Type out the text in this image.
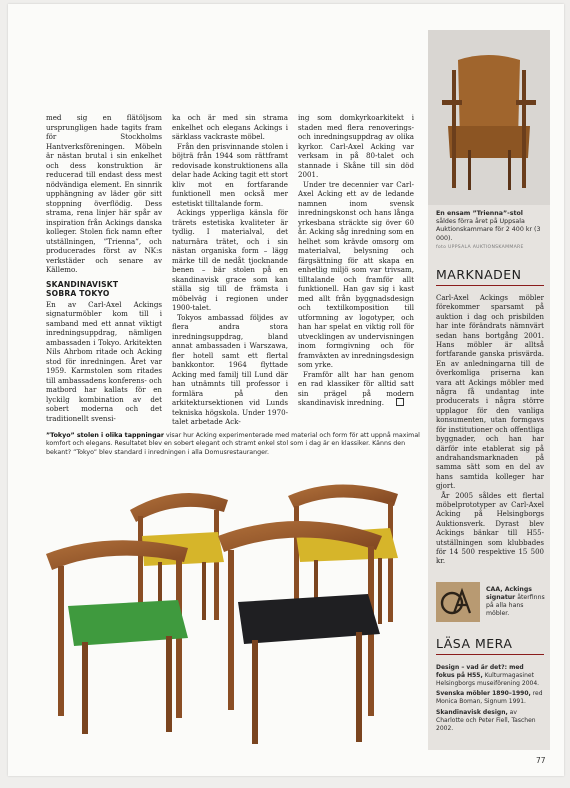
med sig en flätöljsom ursprungligen hade tagits fram för Stockholms Hantverksföreningen. Möbeln är nästan brutal i sin enkelhet och dess konstruktion är reducerad till endast dess mest nödvändiga element. En sinnrik upphängning av läder gör sitt stoppning överflödig. Dess strama, rena linjer här spår av inspiration från Ackings danska kolleger. Stolen fick namn efter utställningen, ”Trienna”, och producerades först av NK:s verkstäder och senare av Källemo.

SKANDINAVISKT
SOBRA TOKYO

En av Carl-Axel Ackings signaturmöbler kom till i samband med ett annat viktigt inredningsuppdrag, nämligen ambassaden i Tokyo. Arkitekten Nils Ahrbom ritade och Acking stod för inredningen. Året var 1959. Karmstolen som ritades till ambassadens konferens- och matbord har kallats för en lyckilg kombination av det sobert moderna och det traditionellt svensi-

ka och är med sin strama enkelhet och elegans Ackings i särklass vackraste möbel.

Från den prisvinnande stolen i böjträ från 1944 som rättframt redovisade konstruktionens alla delar hade Acking tagit ett stort kliv mot en fortfarande funktionell men också mer estetiskt tilltalande form.

Ackings ypperliga känsla för trärets estetiska kvaliteter är tydlig. I materialval, det naturnära trätet, och i sin nästan organiska form – lägg märke till de nedåt tjocknande benen – bär stolen på en skandinavisk grace som kan ställa sig till de främsta i möbelväg i regionen under 1900-talet.

Tokyos ambassad följdes av flera andra stora inredningsuppdrag, bland annat ambassaden i Warszawa, fler hotell samt ett flertal bankkontor. 1964 flyttade Acking med familj till Lund där han utnämnts till professor i formlära på den arkitektursektionen vid Lunds tekniska högskola. Under 1970-talet arbetade Ack-

ing som domkyrkoarkitekt i staden med flera renoverings- och inredningsuppdrag av olika kyrkor. Carl-Axel Acking var verksam in på 80-talet och stannade i Skåne till sin död 2001.

Under tre decennier var Carl-Axel Acking ett av de ledande namnen inom svensk inredningskonst och hans långa yrkesbana sträckte sig över 60 år. Acking såg inredning som en helhet som krävde omsorg om materialval, belysning och färgsättning för att skapa en enhetlig miljö som var trivsam, tilltalande och framför allt funktionell. Han gav sig i kast med allt från byggnadsdesign och textilkomposition till utformning av logotyper, och han har spelat en viktig roll för utvecklingen av undervisningen inom formgivning och för framväxten av inredningsdesign som yrke.

Framför allt har han genom en rad klassiker för alltid satt sin prägel på modern skandinavisk inredning.

”Tokyo” stolen i olika tappningar visar hur Acking experimenterade med material och form för att uppnå maximal komfort och elegans. Resultatet blev en sobert elegant och stramt enkel stol som i dag är en klassiker. Känns den bekant? ”Tokyo” blev standard i inredningen i alla Domusrestauranger.
En ensam ”Trienna”-stol såldes förra året på Uppsala Auktionskammare för 2 400 kr (3 000).
foto UPPSALA AUKTIONSKAMMARE
MARKNADEN

Carl-Axel Ackings möbler förekommer sparsamt på auktion i dag och prisbilden har inte förändrats nämnvärt sedan hans bortgång 2001. Hans möbler är alltså fortfarande ganska prisvärda. En av anledningarna till de överkomliga priserna kan vara att Ackings möbler med några få undantag inte producerats i några större upplagor för den vanliga konsumenten, utan formgavs för institutioner och offentliga byggnader, och han har därför inte etablerat sig på andrahandsmarknaden på samma sätt som en del av hans samtida kolleger har gjort.

År 2005 såldes ett flertal möbelprototyper av Carl-Axel Acking på Helsingborgs Auktionsverk. Dyrast blev Ackings bänkar till H55-utställningen som klubbades för 14 500 respektive 15 500 kr.

CAA, Ackings signatur återfinns på alla hans möbler.
LÄSA MERA
Design – vad är det?: med fokus på H55, Kulturmagasinet Helsingborgs museiförening 2004.
Svenska möbler 1890–1990, red Monica Boman, Signum 1991.
Skandinavisk design, av Charlotte och Peter Fiell, Taschen 2002.
77
